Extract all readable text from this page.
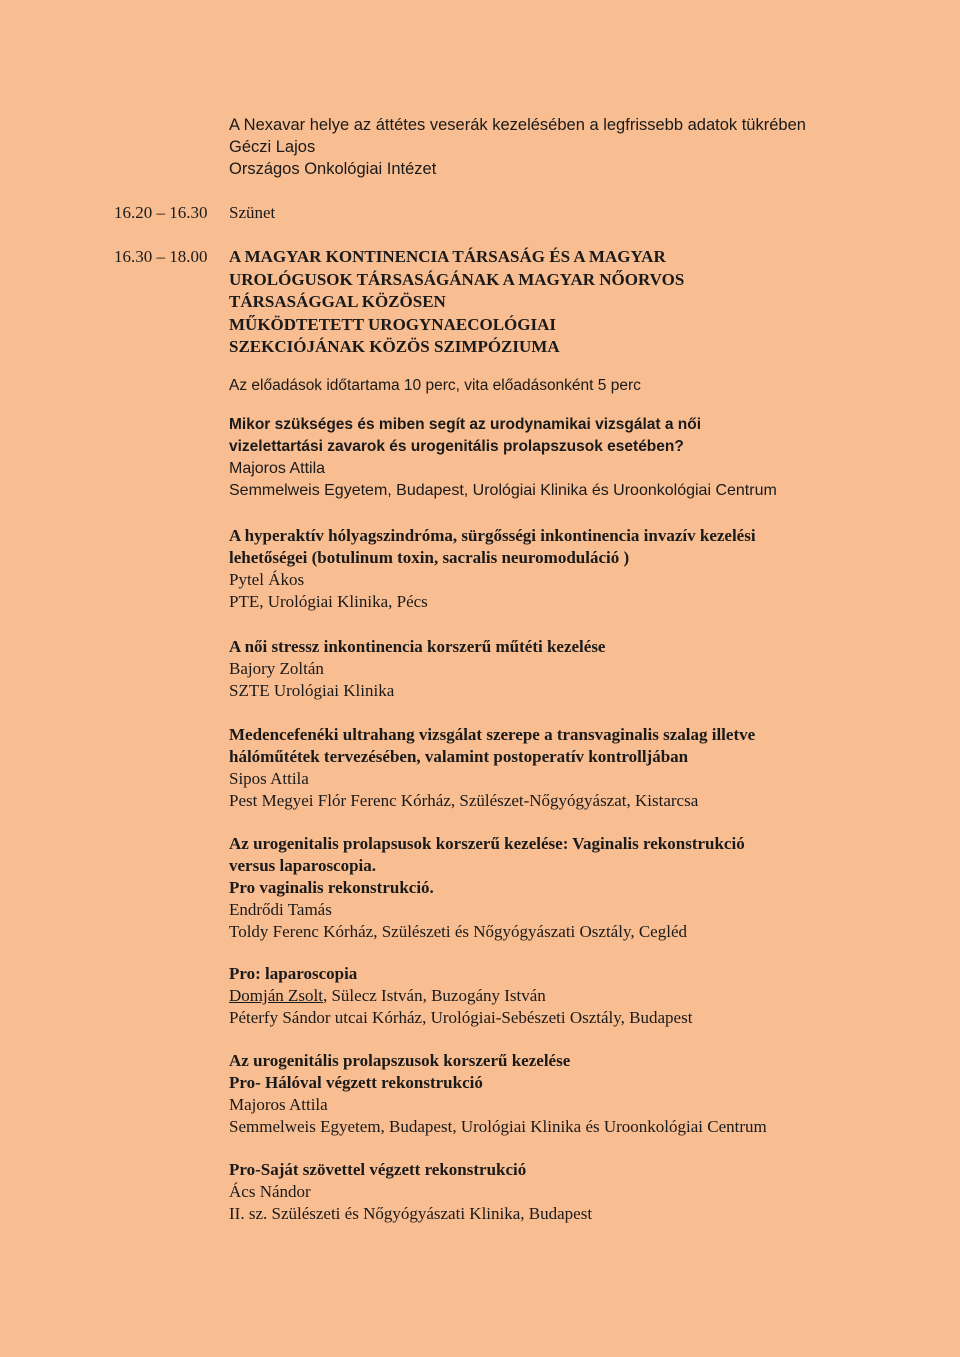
A Nexavar helye az áttétes veserák kezelésében a legfrissebb adatok tükrében

Géczi Lajos

Országos Onkológiai Intézet

16.20 – 16.30 Szünet

16.30 – 18.00 A MAGYAR KONTINENCIA TÁRSASÁG ÉS A MAGYAR
UROLÓGUSOK TÁRSASÁGÁNAK A MAGYAR NŐORVOS
TÁRSASÁGGAL KÖZÖSEN
MŰKÖDTETETT UROGYNAECOLÓGIAI
SZEKCIÓJÁNAK KÖZÖS SZIMPÓZIUMA
Az előadások időtartama 10 perc, vita előadásonként 5 perc

Mikor szükséges és miben segít az urodynamikai vizsgálat a női

vizelettartási zavarok és urogenitális prolapszusok esetében?

Majoros Attila

Semmelweis Egyetem, Budapest, Urológiai Klinika és Uroonkológiai Centrum

A hyperaktív hólyagszindróma, sürgősségi inkontinencia invazív kezelési

lehetőségei (botulinum toxin, sacralis neuromoduláció )

Pytel Ákos

PTE, Urológiai Klinika, Pécs

A női stressz inkontinencia korszerű műtéti kezelése

Bajory Zoltán

SZTE Urológiai Klinika

Medencefenéki ultrahang vizsgálat szerepe a transvaginalis szalag illetve

hálóműtétek tervezésében, valamint postoperatív kontrolljában

Sipos Attila

Pest Megyei Flór Ferenc Kórház, Szülészet-Nőgyógyászat, Kistarcsa

Az urogenitalis prolapsusok korszerű kezelése: Vaginalis rekonstrukció

versus laparoscopia.

Pro vaginalis rekonstrukció.

Endrődi Tamás

Toldy Ferenc Kórház, Szülészeti és Nőgyógyászati Osztály, Cegléd

Pro: laparoscopia

Domján Zsolt, Sülecz István, Buzogány István

Péterfy Sándor utcai Kórház, Urológiai-Sebészeti Osztály, Budapest

Az urogenitális prolapszusok korszerű kezelése

Pro- Hálóval végzett rekonstrukció

Majoros Attila

Semmelweis Egyetem, Budapest, Urológiai Klinika és Uroonkológiai Centrum

Pro-Saját szövettel végzett rekonstrukció

Ács Nándor

II. sz. Szülészeti és Nőgyógyászati Klinika, Budapest
